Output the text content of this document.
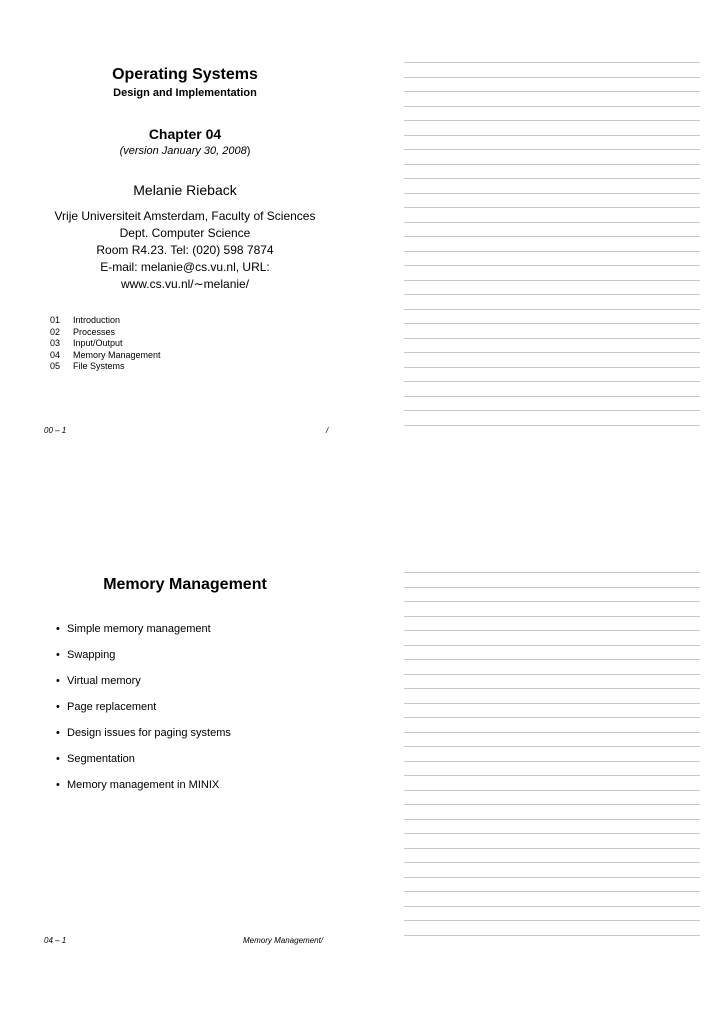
Operating Systems
Design and Implementation
Chapter 04
(version January 30, 2008)
Melanie Rieback
Vrije Universiteit Amsterdam, Faculty of Sciences
Dept. Computer Science
Room R4.23. Tel: (020) 598 7874
E-mail: melanie@cs.vu.nl, URL:
www.cs.vu.nl/∼melanie/
01	Introduction
02	Processes
03	Input/Output
04	Memory Management
05	File Systems
00 – 1	/
Memory Management
• Simple memory management
• Swapping
• Virtual memory
• Page replacement
• Design issues for paging systems
• Segmentation
• Memory management in MINIX
04 – 1	Memory Management/
